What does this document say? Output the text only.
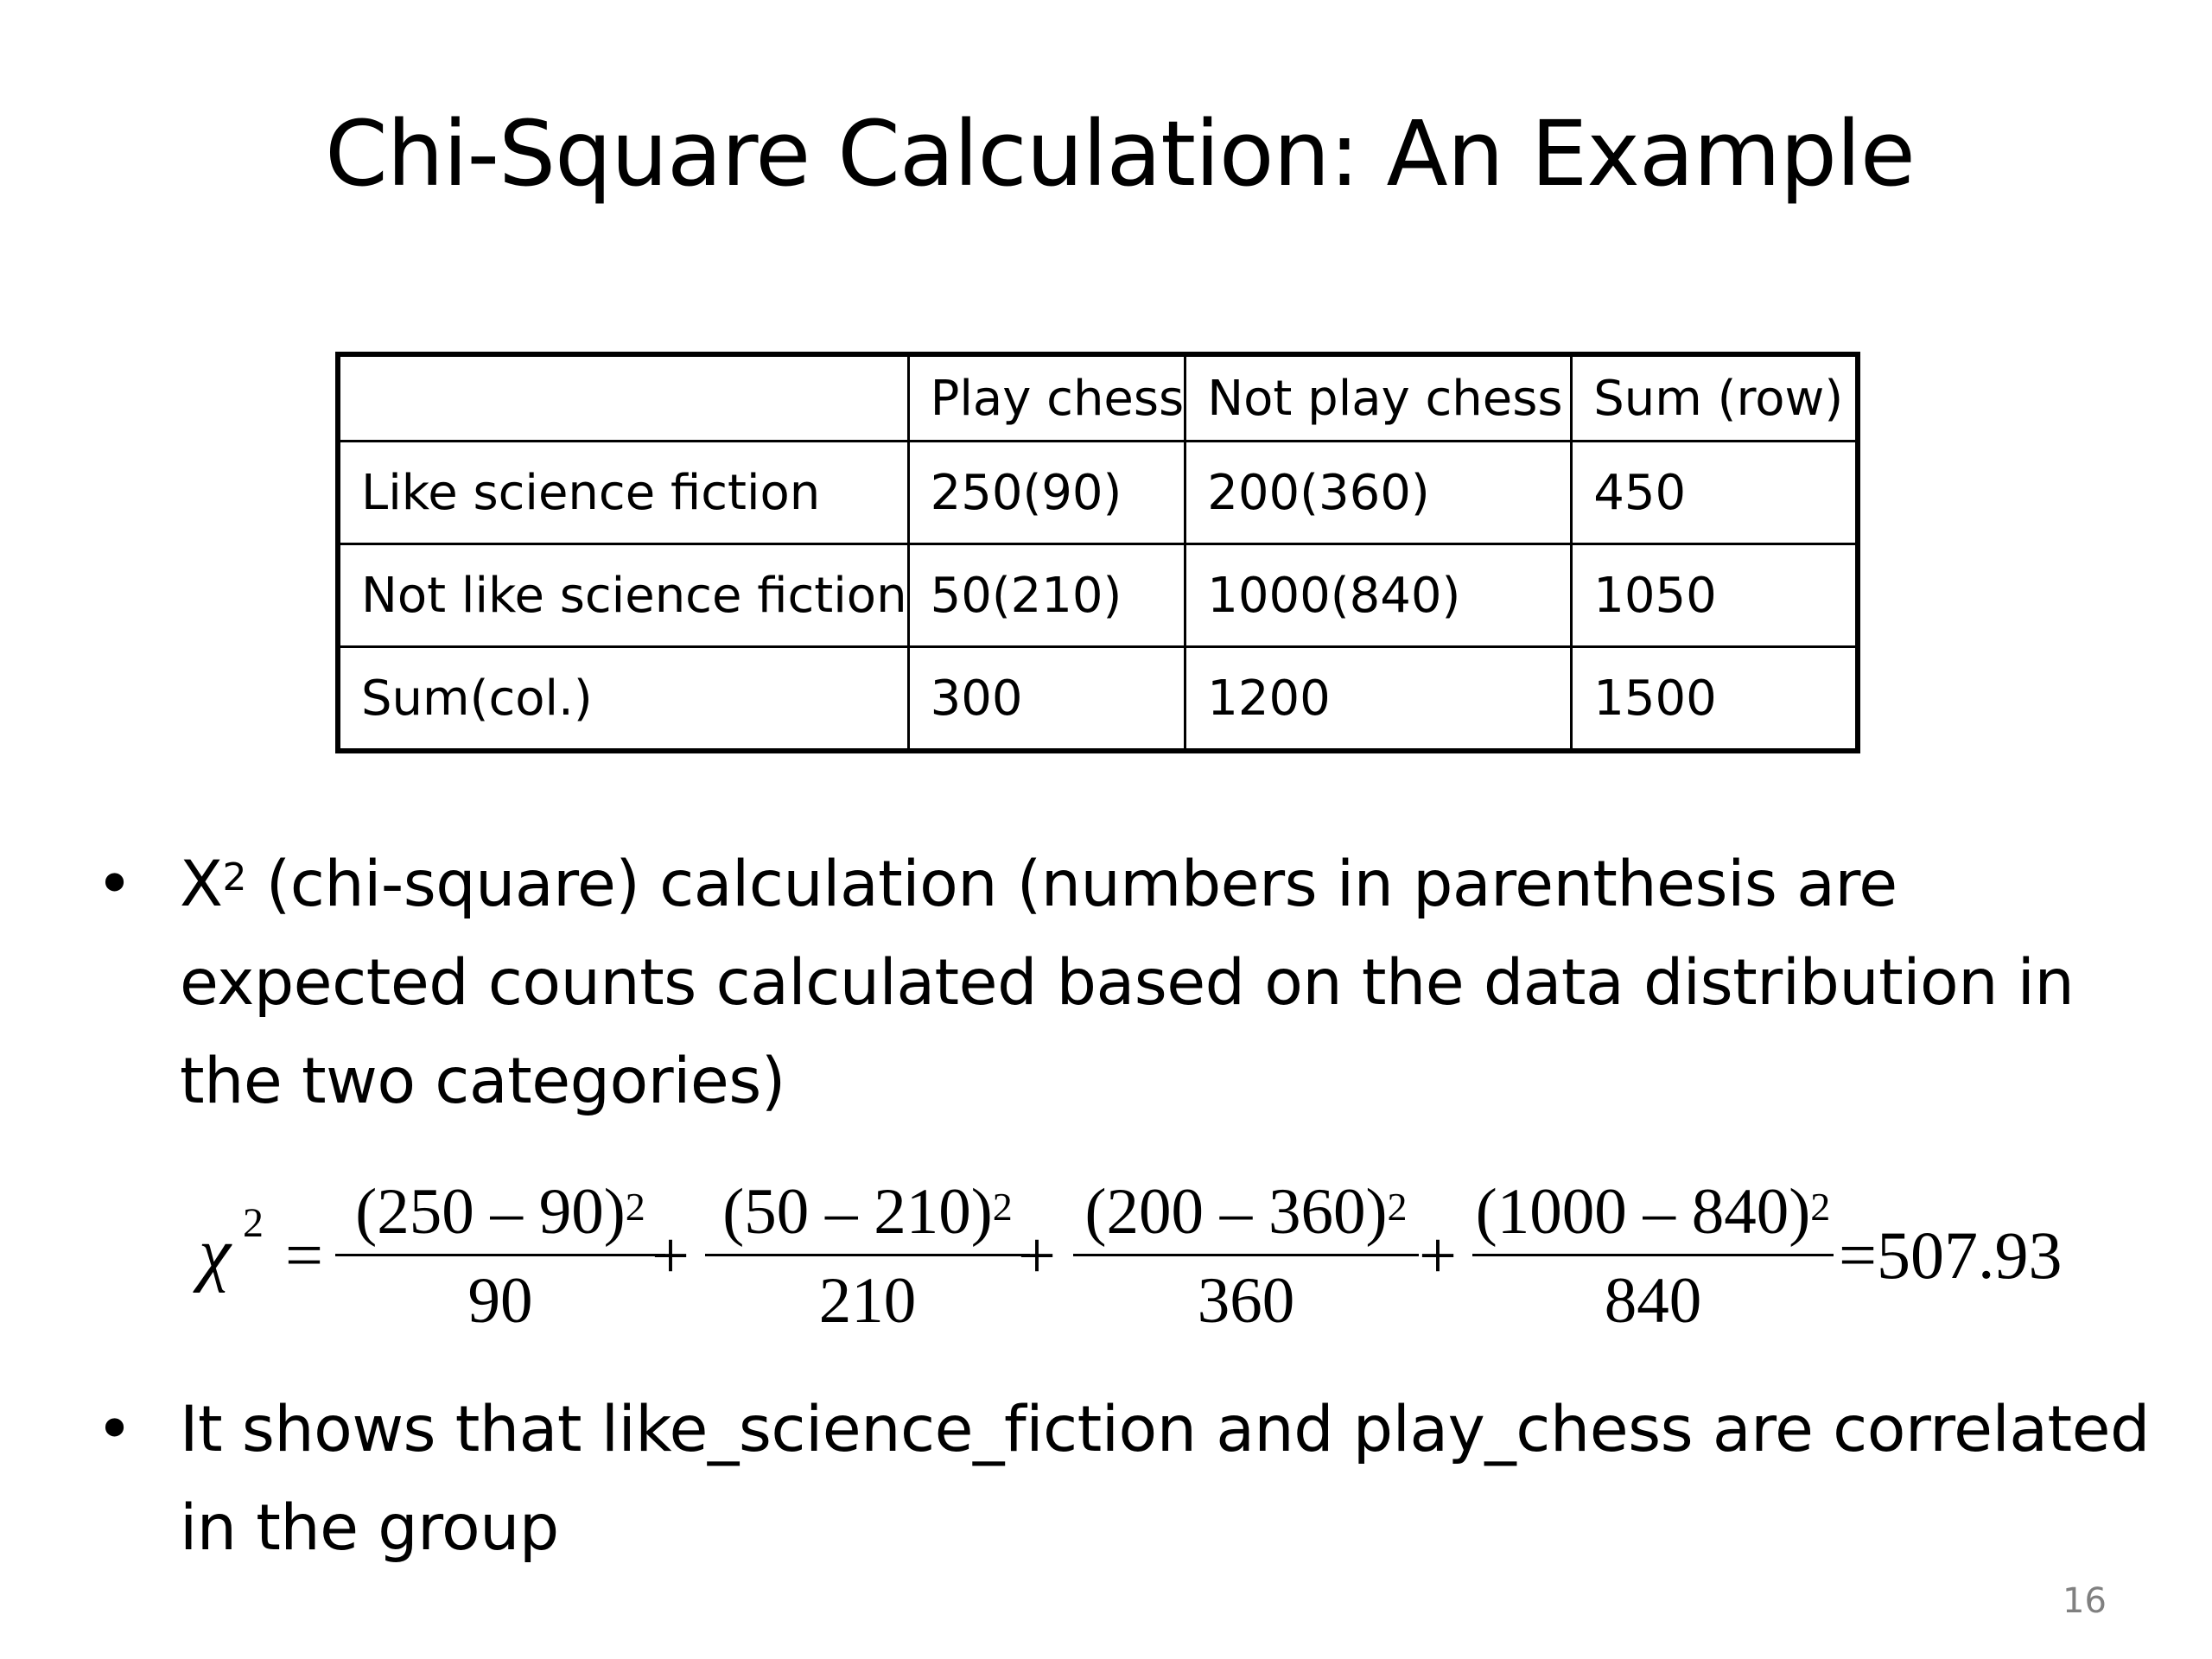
Chi-Square Calculation: An Example
	Play chess	Not play chess	Sum (row)
Like science fiction	250(90)	200(360)	450
Not like science fiction	50(210)	1000(840)	1050
Sum(col.)	300	1200	1500
• $X^2$ (chi-square) calculation (numbers in parenthesis are expected counts calculated based on the data distribution in the two categories)
χ 2 =
(250 – 90)$^2$
90
+
(50 – 210)$^2$
210
+
(200 – 360)$^2$
360
+
(1000 – 840)$^2$
840
=507.93
• It shows that like_science_fiction and play_chess are correlated in the group
16
